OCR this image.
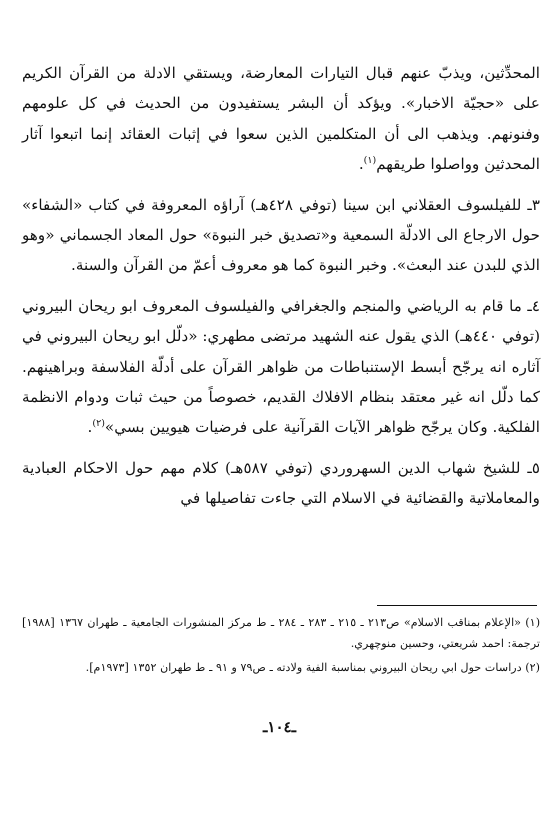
المحدِّثين، ويذبّ عنهم قبال التيارات المعارضة، ويستقي الادلة من القرآن الكريم على «حجيّة الاخبار». ويؤكد أن البشر يستفيدون من الحديث في كل علومهم وفنونهم. ويذهب الى أن المتكلمين الذين سعوا في إثبات العقائد إنما اتبعوا آثار المحدثين وواصلوا طريقهم$^{(١)}$.

٣ـ للفيلسوف العقلاني ابن سينا (توفي ٤٢٨هـ) آراؤه المعروفة في كتاب «الشفاء» حول الارجاع الى الادلّة السمعية و«تصديق خبر النبوة» حول المعاد الجسماني «وهو الذي للبدن عند البعث». وخبر النبوة كما هو معروف أعمّ من القرآن والسنة.

٤ـ ما قام به الرياضي والمنجم والجغرافي والفيلسوف المعروف ابو ريحان البيروني (توفي ٤٤٠هـ) الذي يقول عنه الشهيد مرتضى مطهري: «دلّل ابو ريحان البيروني في آثاره انه يرجّح أبسط الإستنباطات من ظواهر القرآن على أدلّة الفلاسفة وبراهينهم. كما دلّل انه غير معتقد بنظام الافلاك القديم، خصوصاً من حيث ثبات ودوام الانظمة الفلكية. وكان يرجّح ظواهر الآيات القرآنية على فرضيات هيويين بسي»$^{(٢)}$.

٥ـ للشيخ شهاب الدين السهروردي (توفي ٥٨٧هـ) كلام مهم حول الاحكام العبادية والمعاملاتية والقضائية في الاسلام التي جاءت تفاصيلها في

(١) «الإعلام بمناقب الاسلام» ص٢١٣ ـ ٢١٥ ـ ٢٨٣ ـ ٢٨٤ ـ ط مركز المنشورات الجامعية ـ طهران ١٣٦٧ [١٩٨٨] ترجمة: احمد شريعتي، وحسين منوچهري.

(٢) دراسات حول ابي ريحان البيروني بمناسبة الفية ولادته ـ ص٧٩ و ٩١ ـ ط طهران ١٣٥٢ [١٩٧٣م].

ـ١٠٤ـ
